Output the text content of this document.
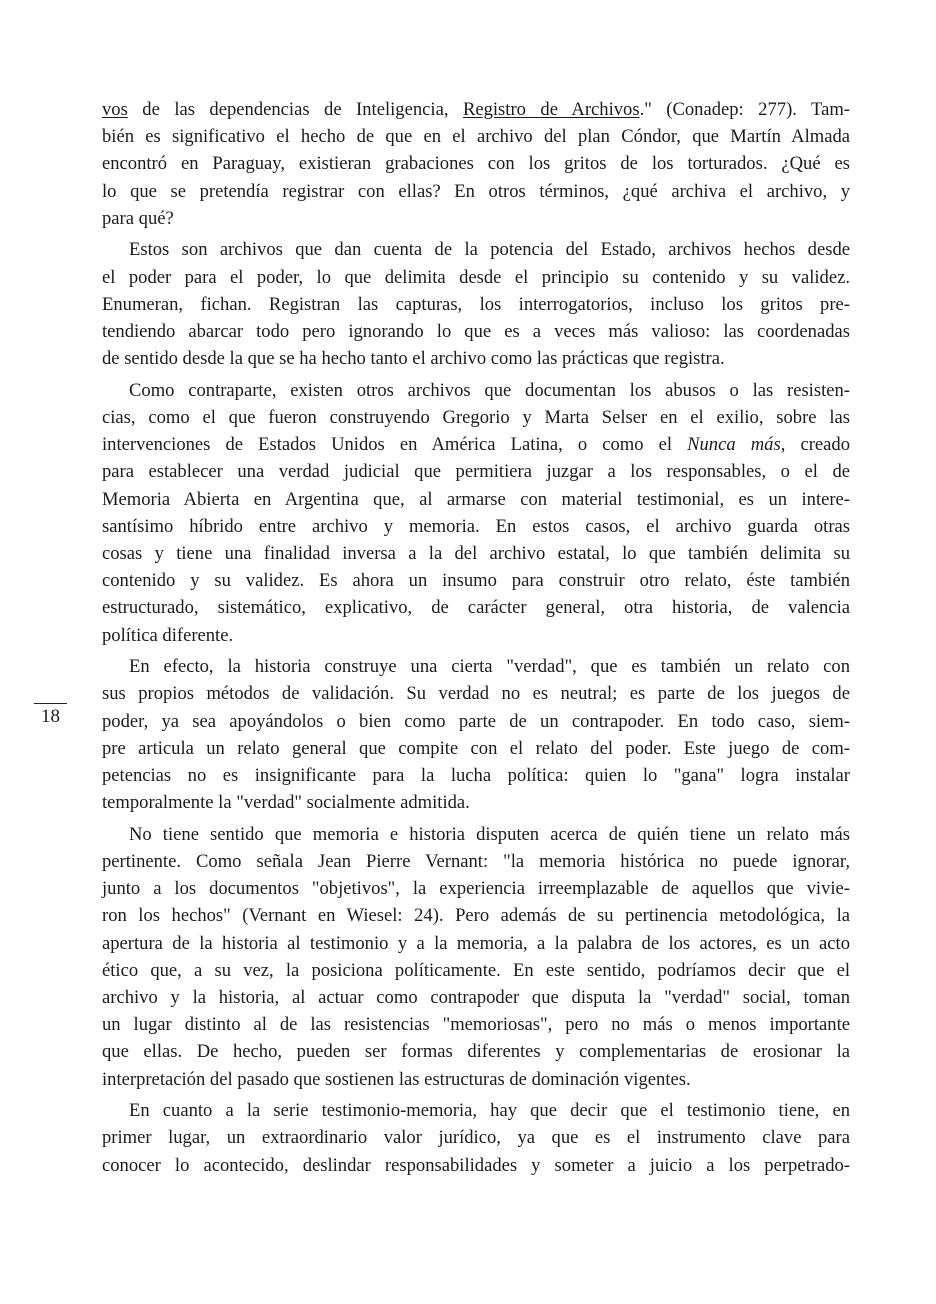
vos de las dependencias de Inteligencia, Registro de Archivos." (Conadep: 277). Tam-
bién es significativo el hecho de que en el archivo del plan Cóndor, que Martín Almada
encontró en Paraguay, existieran grabaciones con los gritos de los torturados. ¿Qué es
lo que se pretendía registrar con ellas? En otros términos, ¿qué archiva el archivo, y
para qué?

Estos son archivos que dan cuenta de la potencia del Estado, archivos hechos desde
el poder para el poder, lo que delimita desde el principio su contenido y su validez.
Enumeran, fichan. Registran las capturas, los interrogatorios, incluso los gritos pre-
tendiendo abarcar todo pero ignorando lo que es a veces más valioso: las coordenadas
de sentido desde la que se ha hecho tanto el archivo como las prácticas que registra.

Como contraparte, existen otros archivos que documentan los abusos o las resisten-
cias, como el que fueron construyendo Gregorio y Marta Selser en el exilio, sobre las
intervenciones de Estados Unidos en América Latina, o como el Nunca más, creado
para establecer una verdad judicial que permitiera juzgar a los responsables, o el de
Memoria Abierta en Argentina que, al armarse con material testimonial, es un intere-
santísimo híbrido entre archivo y memoria. En estos casos, el archivo guarda otras
cosas y tiene una finalidad inversa a la del archivo estatal, lo que también delimita su
contenido y su validez. Es ahora un insumo para construir otro relato, éste también
estructurado, sistemático, explicativo, de carácter general, otra historia, de valencia
política diferente.

En efecto, la historia construye una cierta "verdad", que es también un relato con
sus propios métodos de validación. Su verdad no es neutral; es parte de los juegos de
poder, ya sea apoyándolos o bien como parte de un contrapoder. En todo caso, siem-
pre articula un relato general que compite con el relato del poder. Este juego de com-
petencias no es insignificante para la lucha política: quien lo "gana" logra instalar
temporalmente la "verdad" socialmente admitida.

No tiene sentido que memoria e historia disputen acerca de quién tiene un relato más
pertinente. Como señala Jean Pierre Vernant: "la memoria histórica no puede ignorar,
junto a los documentos "objetivos", la experiencia irreemplazable de aquellos que vivie-
ron los hechos" (Vernant en Wiesel: 24). Pero además de su pertinencia metodológica, la
apertura de la historia al testimonio y a la memoria, a la palabra de los actores, es un acto
ético que, a su vez, la posiciona políticamente. En este sentido, podríamos decir que el
archivo y la historia, al actuar como contrapoder que disputa la "verdad" social, toman
un lugar distinto al de las resistencias "memoriosas", pero no más o menos importante
que ellas. De hecho, pueden ser formas diferentes y complementarias de erosionar la
interpretación del pasado que sostienen las estructuras de dominación vigentes.

En cuanto a la serie testimonio-memoria, hay que decir que el testimonio tiene, en
primer lugar, un extraordinario valor jurídico, ya que es el instrumento clave para
conocer lo acontecido, deslindar responsabilidades y someter a juicio a los perpetrado-

18
